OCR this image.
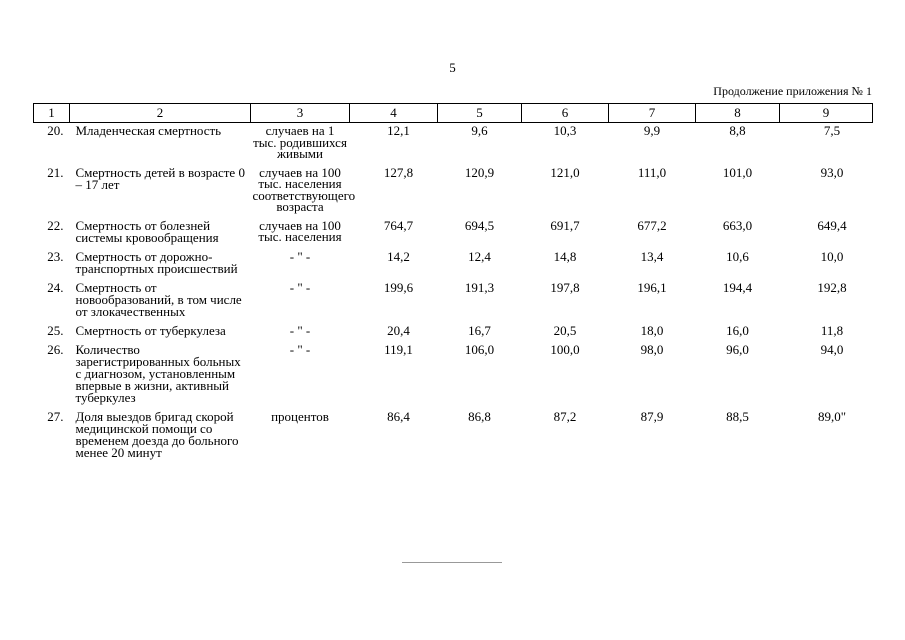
5
Продолжение приложения № 1
1	2	3	4	5	6	7	8	9
20.	Младенческая смертность	случаев на 1 тыс. родившихся живыми	12,1	9,6	10,3	9,9	8,8	7,5
21.	Смертность детей в возрасте 0 – 17 лет	случаев на 100 тыс. населения соответствующего возраста	127,8	120,9	121,0	111,0	101,0	93,0
22.	Смертность от болезней системы кровообращения	случаев на 100 тыс. населения	764,7	694,5	691,7	677,2	663,0	649,4
23.	Смертность от дорожно-транспортных происшествий	- " -	14,2	12,4	14,8	13,4	10,6	10,0
24.	Смертность от новообразований, в том числе от злокачественных	- " -	199,6	191,3	197,8	196,1	194,4	192,8
25.	Смертность от туберкулеза	- " -	20,4	16,7	20,5	18,0	16,0	11,8
26.	Количество зарегистрированных больных с диагнозом, установленным впервые в жизни, активный туберкулез	- " -	119,1	106,0	100,0	98,0	96,0	94,0
27.	Доля выездов бригад скорой медицинской помощи со временем доезда до больного менее 20 минут	процентов	86,4	86,8	87,2	87,9	88,5	89,0"
